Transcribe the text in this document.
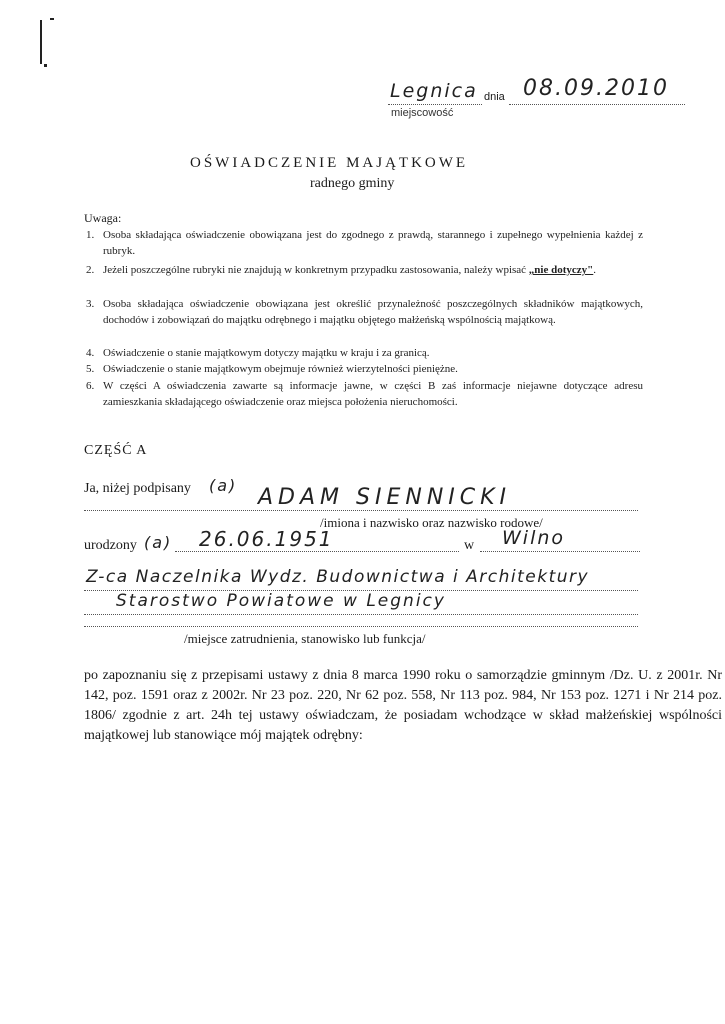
Legnica dnia 08.09.2010
miejscowość
OŚWIADCZENIE MAJĄTKOWE
radnego gminy
Uwaga:
1. Osoba składająca oświadczenie obowiązana jest do zgodnego z prawdą, starannego i zupełnego wypełnienia każdej z rubryk.
2. Jeżeli poszczególne rubryki nie znajdują w konkretnym przypadku zastosowania, należy wpisać „nie dotyczy".
3. Osoba składająca oświadczenie obowiązana jest określić przynależność poszczególnych składników majątkowych, dochodów i zobowiązań do majątku odrębnego i majątku objętego małżeńską wspólnością majątkową.
4. Oświadczenie o stanie majątkowym dotyczy majątku w kraju i za granicą.
5. Oświadczenie o stanie majątkowym obejmuje również wierzytelności pieniężne.
6. W części A oświadczenia zawarte są informacje jawne, w części B zaś informacje niejawne dotyczące adresu zamieszkania składającego oświadczenie oraz miejsca położenia nieruchomości.
CZĘŚĆ A
Ja, niżej podpisany (a) ADAM SIENNICKI
/imiona i nazwisko oraz nazwisko rodowe/
urodzony (a) 26.06.1951	w Wilno
Z-ca Naczelnika Wydz. Budownictwa i Architektury
Starostwo Powiatowe w Legnicy
/miejsce zatrudnienia, stanowisko lub funkcja/
po zapoznaniu się z przepisami ustawy z dnia 8 marca 1990 roku o samorządzie gminnym /Dz. U. z 2001r. Nr 142, poz. 1591 oraz z 2002r. Nr 23 poz. 220, Nr 62 poz. 558, Nr 113 poz. 984, Nr 153 poz. 1271 i Nr 214 poz. 1806/ zgodnie z art. 24h tej ustawy oświadczam, że posiadam wchodzące w skład małżeńskiej wspólności majątkowej lub stanowiące mój majątek odrębny:
